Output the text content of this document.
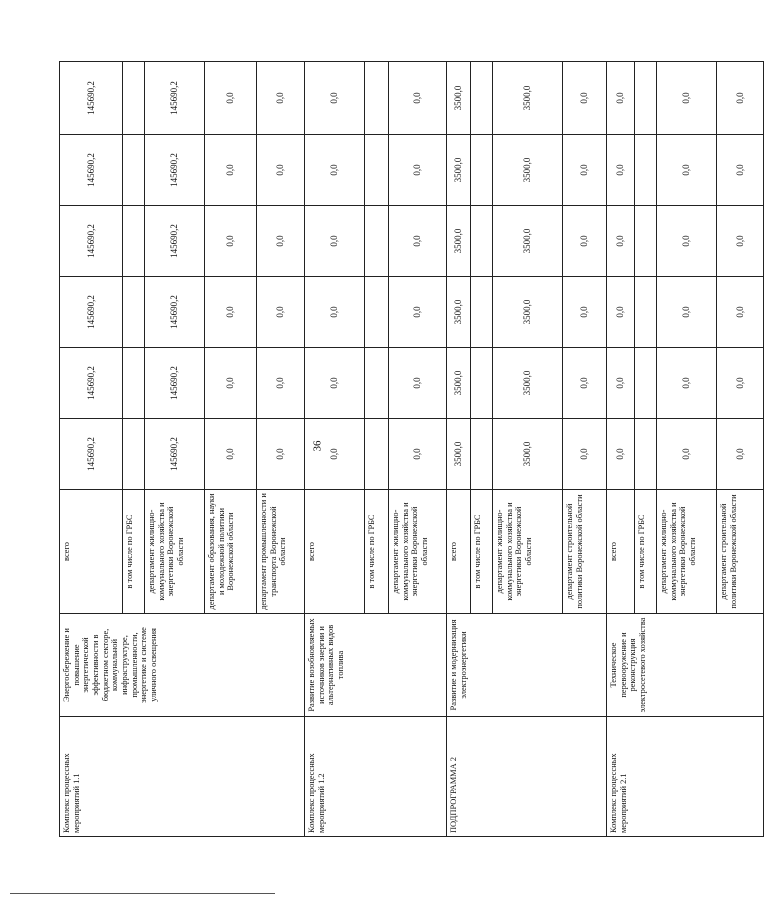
36
Комплекс процессных мероприятий 1.1	Энергосбережение и повышение энергетической эффективности в бюджетном секторе, коммунальной инфраструктуре, промышленности, энергетике и системе уличного освещения	всего	145690,2	145690,2	145690,2	145690,2	145690,2	145690,2
		в том числе по ГРБС						
		департамент жилищно-коммунального хозяйства и энергетики Воронежской области	145690,2	145690,2	145690,2	145690,2	145690,2	145690,2
		департамент образования, науки и молодежной политики Воронежской области	0,0	0,0	0,0	0,0	0,0	0,0
		департамент промышленности и транспорта Воронежской области	0,0	0,0	0,0	0,0	0,0	0,0
Комплекс процессных мероприятий 1.2	Развитие возобновляемых источников энергии и альтернативных видов топлива	всего	0,0	0,0	0,0	0,0	0,0	0,0
		в том числе по ГРБС						
		департамент жилищно-коммунального хозяйства и энергетики Воронежской области	0,0	0,0	0,0	0,0	0,0	0,0
ПОДПРОГРАММА 2	Развитие и модернизация электроэнергетики	всего	3500,0	3500,0	3500,0	3500,0	3500,0	3500,0
		в том числе по ГРБС						
		департамент жилищно-коммунального хозяйства и энергетики Воронежской области	3500,0	3500,0	3500,0	3500,0	3500,0	3500,0
		департамент строительной политики Воронежской области	0,0	0,0	0,0	0,0	0,0	0,0
Комплекс процессных мероприятий 2.1	Техническое перевооружение и реконструкция электросетевого хозяйства	всего	0,0	0,0	0,0	0,0	0,0	0,0
		в том числе по ГРБС						
		департамент жилищно-коммунального хозяйства и энергетики Воронежской области	0,0	0,0	0,0	0,0	0,0	0,0
		департамент строительной политики Воронежской области	0,0	0,0	0,0	0,0	0,0	0,0
